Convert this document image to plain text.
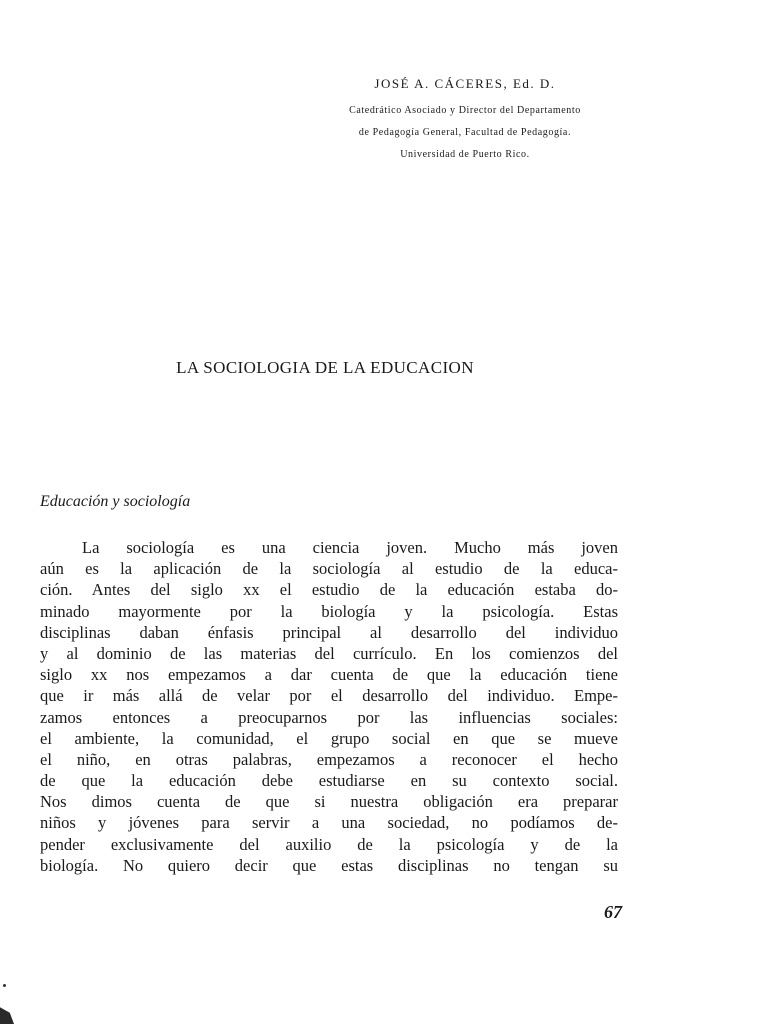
JOSÉ A. CÁCERES, Ed. D.
Catedrático Asociado y Director del Departamento
de Pedagogía General, Facultad de Pedagogía.
Universidad de Puerto Rico.
LA SOCIOLOGIA DE LA EDUCACION
Educación y sociología
La sociología es una ciencia joven. Mucho más joven
aún es la aplicación de la sociología al estudio de la educa-
ción. Antes del siglo xx el estudio de la educación estaba do-
minado mayormente por la biología y la psicología. Estas
disciplinas daban énfasis principal al desarrollo del individuo
y al dominio de las materias del currículo. En los comienzos del
siglo xx nos empezamos a dar cuenta de que la educación tiene
que ir más allá de velar por el desarrollo del individuo. Empe-
zamos entonces a preocuparnos por las influencias sociales:
el ambiente, la comunidad, el grupo social en que se mueve
el niño, en otras palabras, empezamos a reconocer el hecho
de que la educación debe estudiarse en su contexto social.
Nos dimos cuenta de que si nuestra obligación era preparar
niños y jóvenes para servir a una sociedad, no podíamos de-
pender exclusivamente del auxilio de la psicología y de la
biología. No quiero decir que estas disciplinas no tengan su
67
